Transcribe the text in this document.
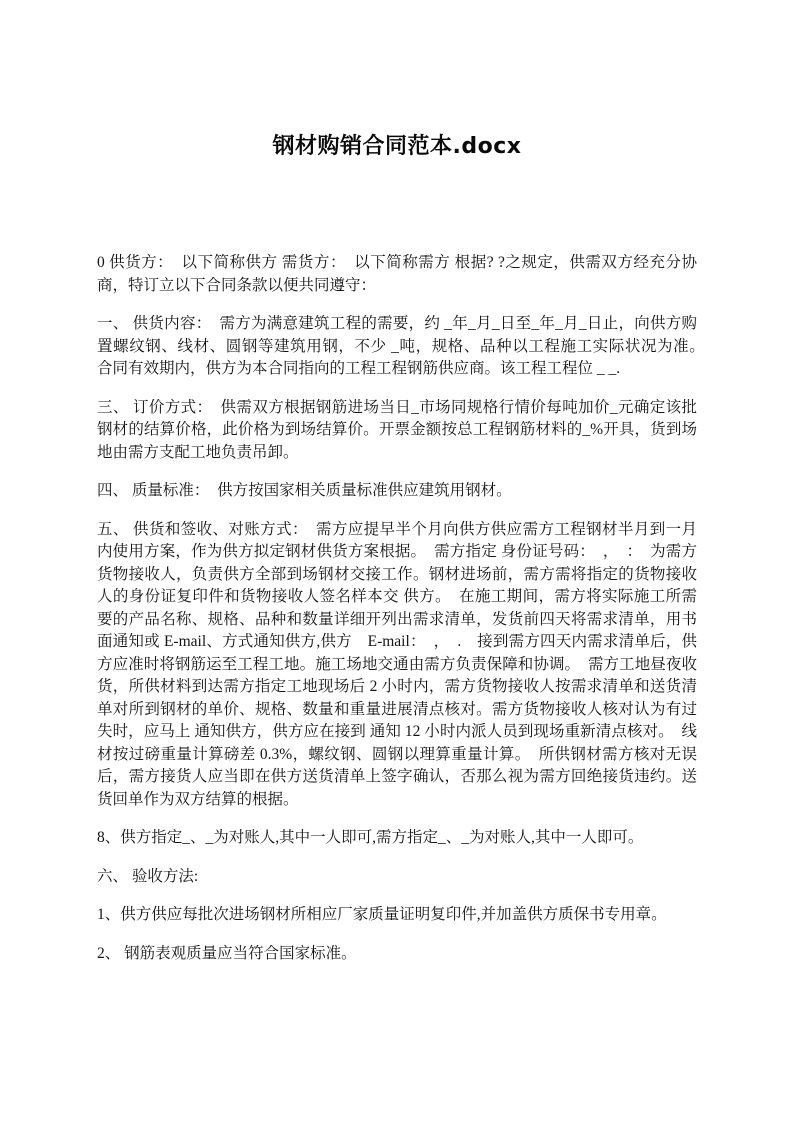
钢材购销合同范本.docx
0 供货方：　以下简称供方 需货方：　以下简称需方 根据? ?之规定，供需双方经充分协商，特订立以下合同条款以便共同遵守：
一、 供货内容：　需方为满意建筑工程的需要，约 _年_月_日至_年_月_日止，向供方购置螺纹钢、线材、圆钢等建筑用钢，不少 _吨，规格、品种以工程施工实际状况为准。　合同有效期内，供方为本合同指向的工程工程钢筋供应商。该工程工程位 _ _.
三、 订价方式：　供需双方根据钢筋进场当日_市场同规格行情价每吨加价_元确定该批钢材的结算价格，此价格为到场结算价。开票金额按总工程钢筋材料的_%开具，货到场地由需方支配工地负责吊卸。
四、 质量标准：　供方按国家相关质量标准供应建筑用钢材。
五、 供货和签收、对账方式：　需方应提早半个月向供方供应需方工程钢材半月到一月内使用方案，作为供方拟定钢材供货方案根据。　需方指定 身份证号码：　，　：　为需方货物接收人，负责供方全部到场钢材交接工作。钢材进场前，需方需将指定的货物接收人的身份证复印件和货物接收人签名样本交 供方。　在施工期间，需方将实际施工所需要的产品名称、规格、品种和数量详细开列出需求清单，发货前四天将需求清单，用书面通知或 E-mail、方式通知供方,供方　E-mail：　，　.　接到需方四天内需求清单后，供方应准时将钢筋运至工程工地。施工场地交通由需方负责保障和协调。　需方工地昼夜收货，所供材料到达需方指定工地现场后 2 小时内，需方货物接收人按需求清单和送货清单对所到钢材的单价、规格、数量和重量进展清点核对。需方货物接收人核对认为有过失时，应马上 通知供方，供方应在接到 通知 12 小时内派人员到现场重新清点核对。　线材按过磅重量计算磅差 0.3%，螺纹钢、圆钢以理算重量计算。　所供钢材需方核对无误后，需方接货人应当即在供方送货清单上签字确认，否那么视为需方回绝接货违约。送货回单作为双方结算的根据。
8、供方指定_、_为对账人,其中一人即可,需方指定_、_为对账人,其中一人即可。
六、 验收方法:
1、供方供应每批次进场钢材所相应厂家质量证明复印件,并加盖供方质保书专用章。
2、 钢筋表观质量应当符合国家标准。
